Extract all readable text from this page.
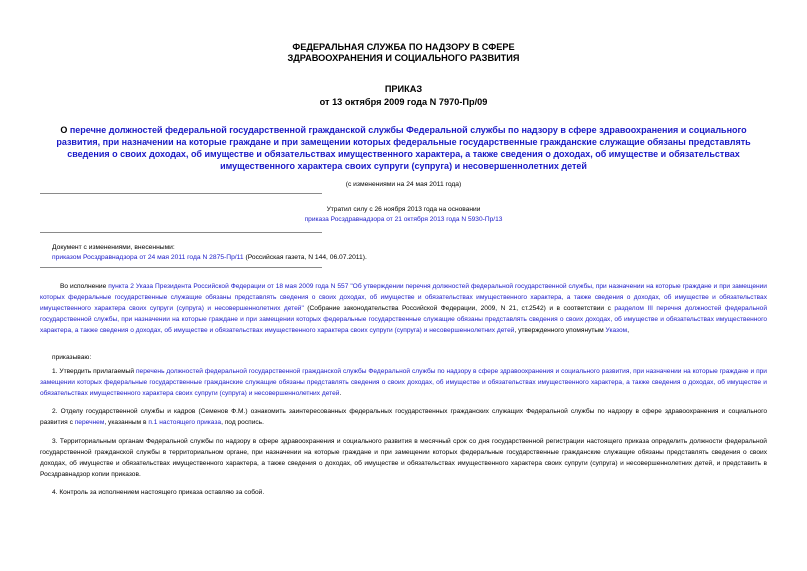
ФЕДЕРАЛЬНАЯ СЛУЖБА ПО НАДЗОРУ В СФЕРЕ
ЗДРАВООХРАНЕНИЯ И СОЦИАЛЬНОГО РАЗВИТИЯ
ПРИКАЗ
от 13 октября 2009 года N 7970-Пр/09
О перечне должностей федеральной государственной гражданской службы Федеральной службы по надзору в сфере здравоохранения и социального развития, при назначении на которые граждане и при замещении которых федеральные государственные гражданские служащие обязаны представлять сведения о своих доходах, об имуществе и обязательствах имущественного характера, а также сведения о доходах, об имуществе и обязательствах имущественного характера своих супруги (супруга) и несовершеннолетних детей
(с изменениями на 24 мая 2011 года)
Утратил силу с 26 ноября 2013 года на основании
приказа Росздравнадзора от 21 октября 2013 года N 5930-Пр/13
Документ с изменениями, внесенными:
приказом Росздравнадзора от 24 мая 2011 года N 2875-Пр/11 (Российская газета, N 144, 06.07.2011).
Во исполнение пункта 2 Указа Президента Российской Федерации от 18 мая 2009 года N 557 "Об утверждении перечня должностей федеральной государственной службы, при назначении на которые граждане и при замещении которых федеральные государственные служащие обязаны представлять сведения о своих доходах, об имуществе и обязательствах имущественного характера, а также сведения о доходах, об имуществе и обязательствах имущественного характера своих супруги (супруга) и несовершеннолетних детей" (Собрание законодательства Российской Федерации, 2009, N 21, ст.2542) и в соответствии с разделом III перечня должностей федеральной государственной службы, при назначении на которые граждане и при замещении которых федеральные государственные служащие обязаны представлять сведения о своих доходах, об имуществе и обязательствах имущественного характера, а также сведения о доходах, об имуществе и обязательствах имущественного характера своих супруги (супруга) и несовершеннолетних детей, утвержденного упомянутым Указом,
приказываю:
1. Утвердить прилагаемый перечень должностей федеральной государственной гражданской службы Федеральной службы по надзору в сфере здравоохранения и социального развития, при назначении на которые граждане и при замещении которых федеральные государственные гражданские служащие обязаны представлять сведения о своих доходах, об имуществе и обязательствах имущественного характера, а также сведения о доходах, об имуществе и обязательствах имущественного характера своих супруги (супруга) и несовершеннолетних детей.
2. Отделу государственной службы и кадров (Семенов Ф.М.) ознакомить заинтересованных федеральных государственных гражданских служащих Федеральной службы по надзору в сфере здравоохранения и социального развития с перечнем, указанным в п.1 настоящего приказа, под роспись.
3. Территориальным органам Федеральной службы по надзору в сфере здравоохранения и социального развития в месячный срок со дня государственной регистрации настоящего приказа определить должности федеральной государственной гражданской службы в территориальном органе, при назначении на которые граждане и при замещении которых федеральные государственные гражданские служащие обязаны представлять сведения о своих доходах, об имуществе и обязательствах имущественного характера, а также сведения о доходах, об имуществе и обязательствах имущественного характера своих супруги (супруга) и несовершеннолетних детей, и представить в Росздравнадзор копии приказов.
4. Контроль за исполнением настоящего приказа оставляю за собой.
